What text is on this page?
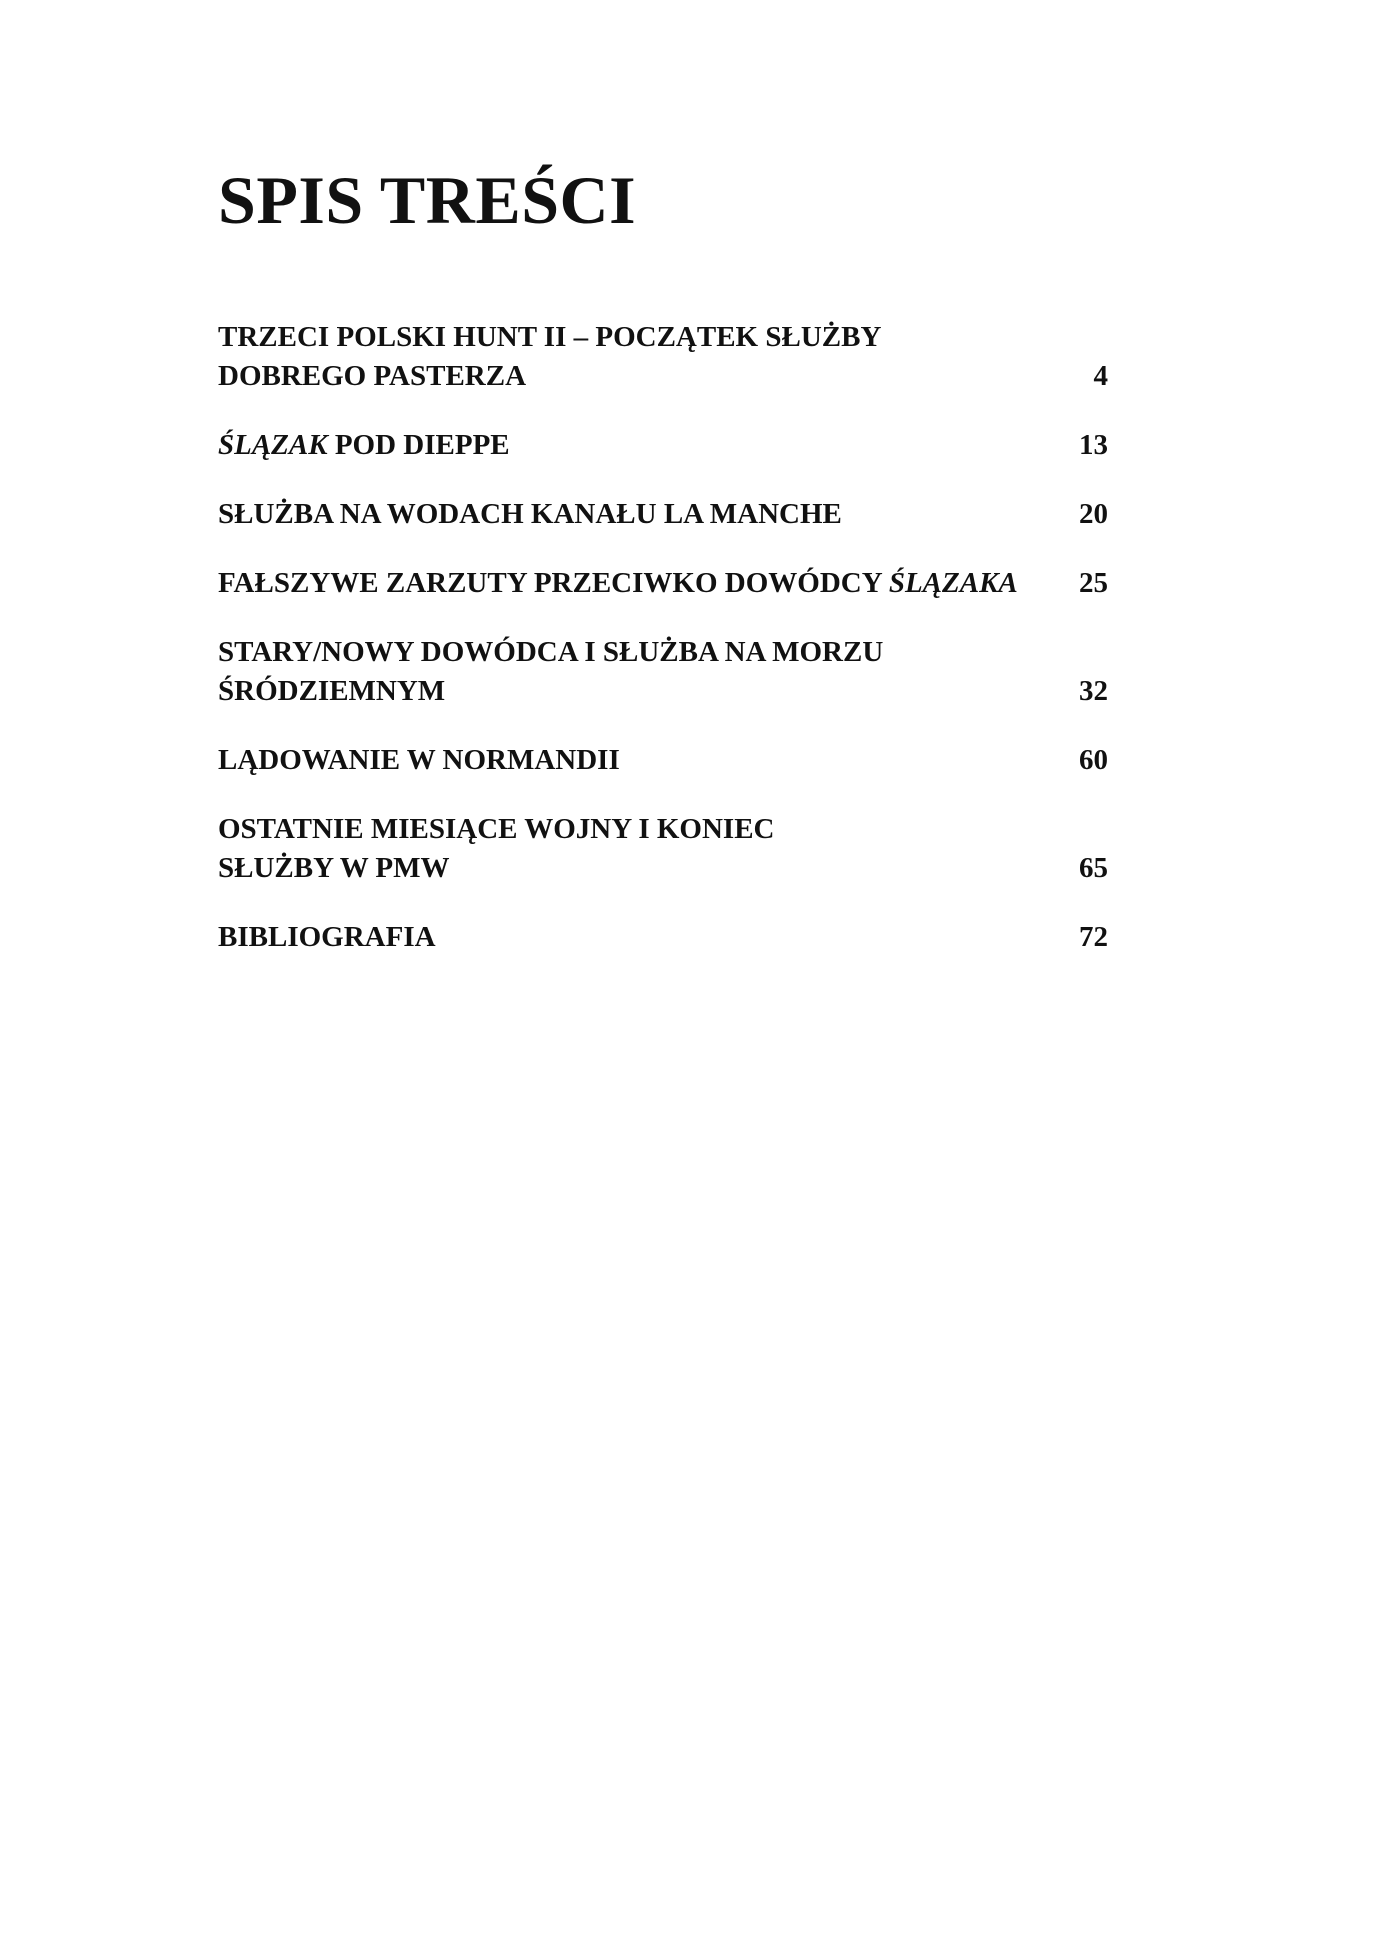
SPIS TREŚCI
TRZECI POLSKI HUNT II – POCZĄTEK SŁUŻBY
DOBREGO PASTERZA	4
ŚLĄZAK POD DIEPPE	13
SŁUŻBA NA WODACH KANAŁU LA MANCHE	20
FAŁSZYWE ZARZUTY PRZECIWKO DOWÓDCY ŚLĄZAKA	25
STARY/NOWY DOWÓDCA I SŁUŻBA NA MORZU
ŚRÓDZIEMNYM	32
LĄDOWANIE W NORMANDII	60
OSTATNIE MIESIĄCE WOJNY I KONIEC
SŁUŻBY W PMW	65
BIBLIOGRAFIA	72
